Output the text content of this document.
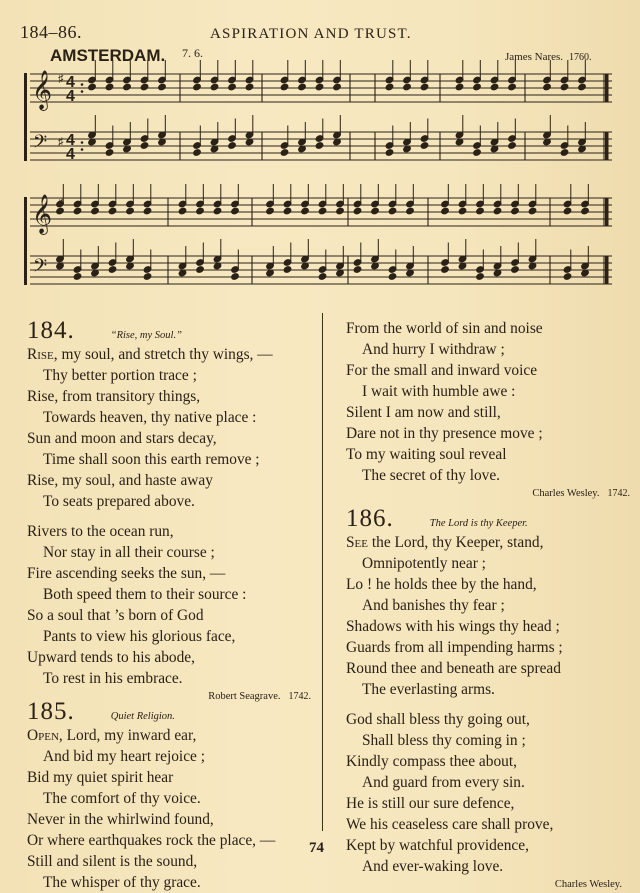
184–86.	ASPIRATION AND TRUST.
AMSTERDAM. 7. 6.	James Nares. 1760.
𝄞
𝄢
♯
♯
4
4
4
4
𝄞
𝄢
184.	“Rise, my Soul.”
Rise, my soul, and stretch thy wings, —
Thy better portion trace ;
Rise, from transitory things,
Towards heaven, thy native place :
Sun and moon and stars decay,
Time shall soon this earth remove ;
Rise, my soul, and haste away
To seats prepared above.
Rivers to the ocean run,
Nor stay in all their course ;
Fire ascending seeks the sun, —
Both speed them to their source :
So a soul that ’s born of God
Pants to view his glorious face,
Upward tends to his abode,
To rest in his embrace.
Robert Seagrave. 1742.
185.	Quiet Religion.
Open, Lord, my inward ear,
And bid my heart rejoice ;
Bid my quiet spirit hear
The comfort of thy voice.
Never in the whirlwind found,
Or where earthquakes rock the place, —
Still and silent is the sound,
The whisper of thy grace.
From the world of sin and noise
And hurry I withdraw ;
For the small and inward voice
I wait with humble awe :
Silent I am now and still,
Dare not in thy presence move ;
To my waiting soul reveal
The secret of thy love.
Charles Wesley. 1742.
186.	The Lord is thy Keeper.
See the Lord, thy Keeper, stand,
Omnipotently near ;
Lo ! he holds thee by the hand,
And banishes thy fear ;
Shadows with his wings thy head ;
Guards from all impending harms ;
Round thee and beneath are spread
The everlasting arms.
God shall bless thy going out,
Shall bless thy coming in ;
Kindly compass thee about,
And guard from every sin.
He is still our sure defence,
We his ceaseless care shall prove,
Kept by watchful providence,
And ever-waking love.
Charles Wesley.
74
